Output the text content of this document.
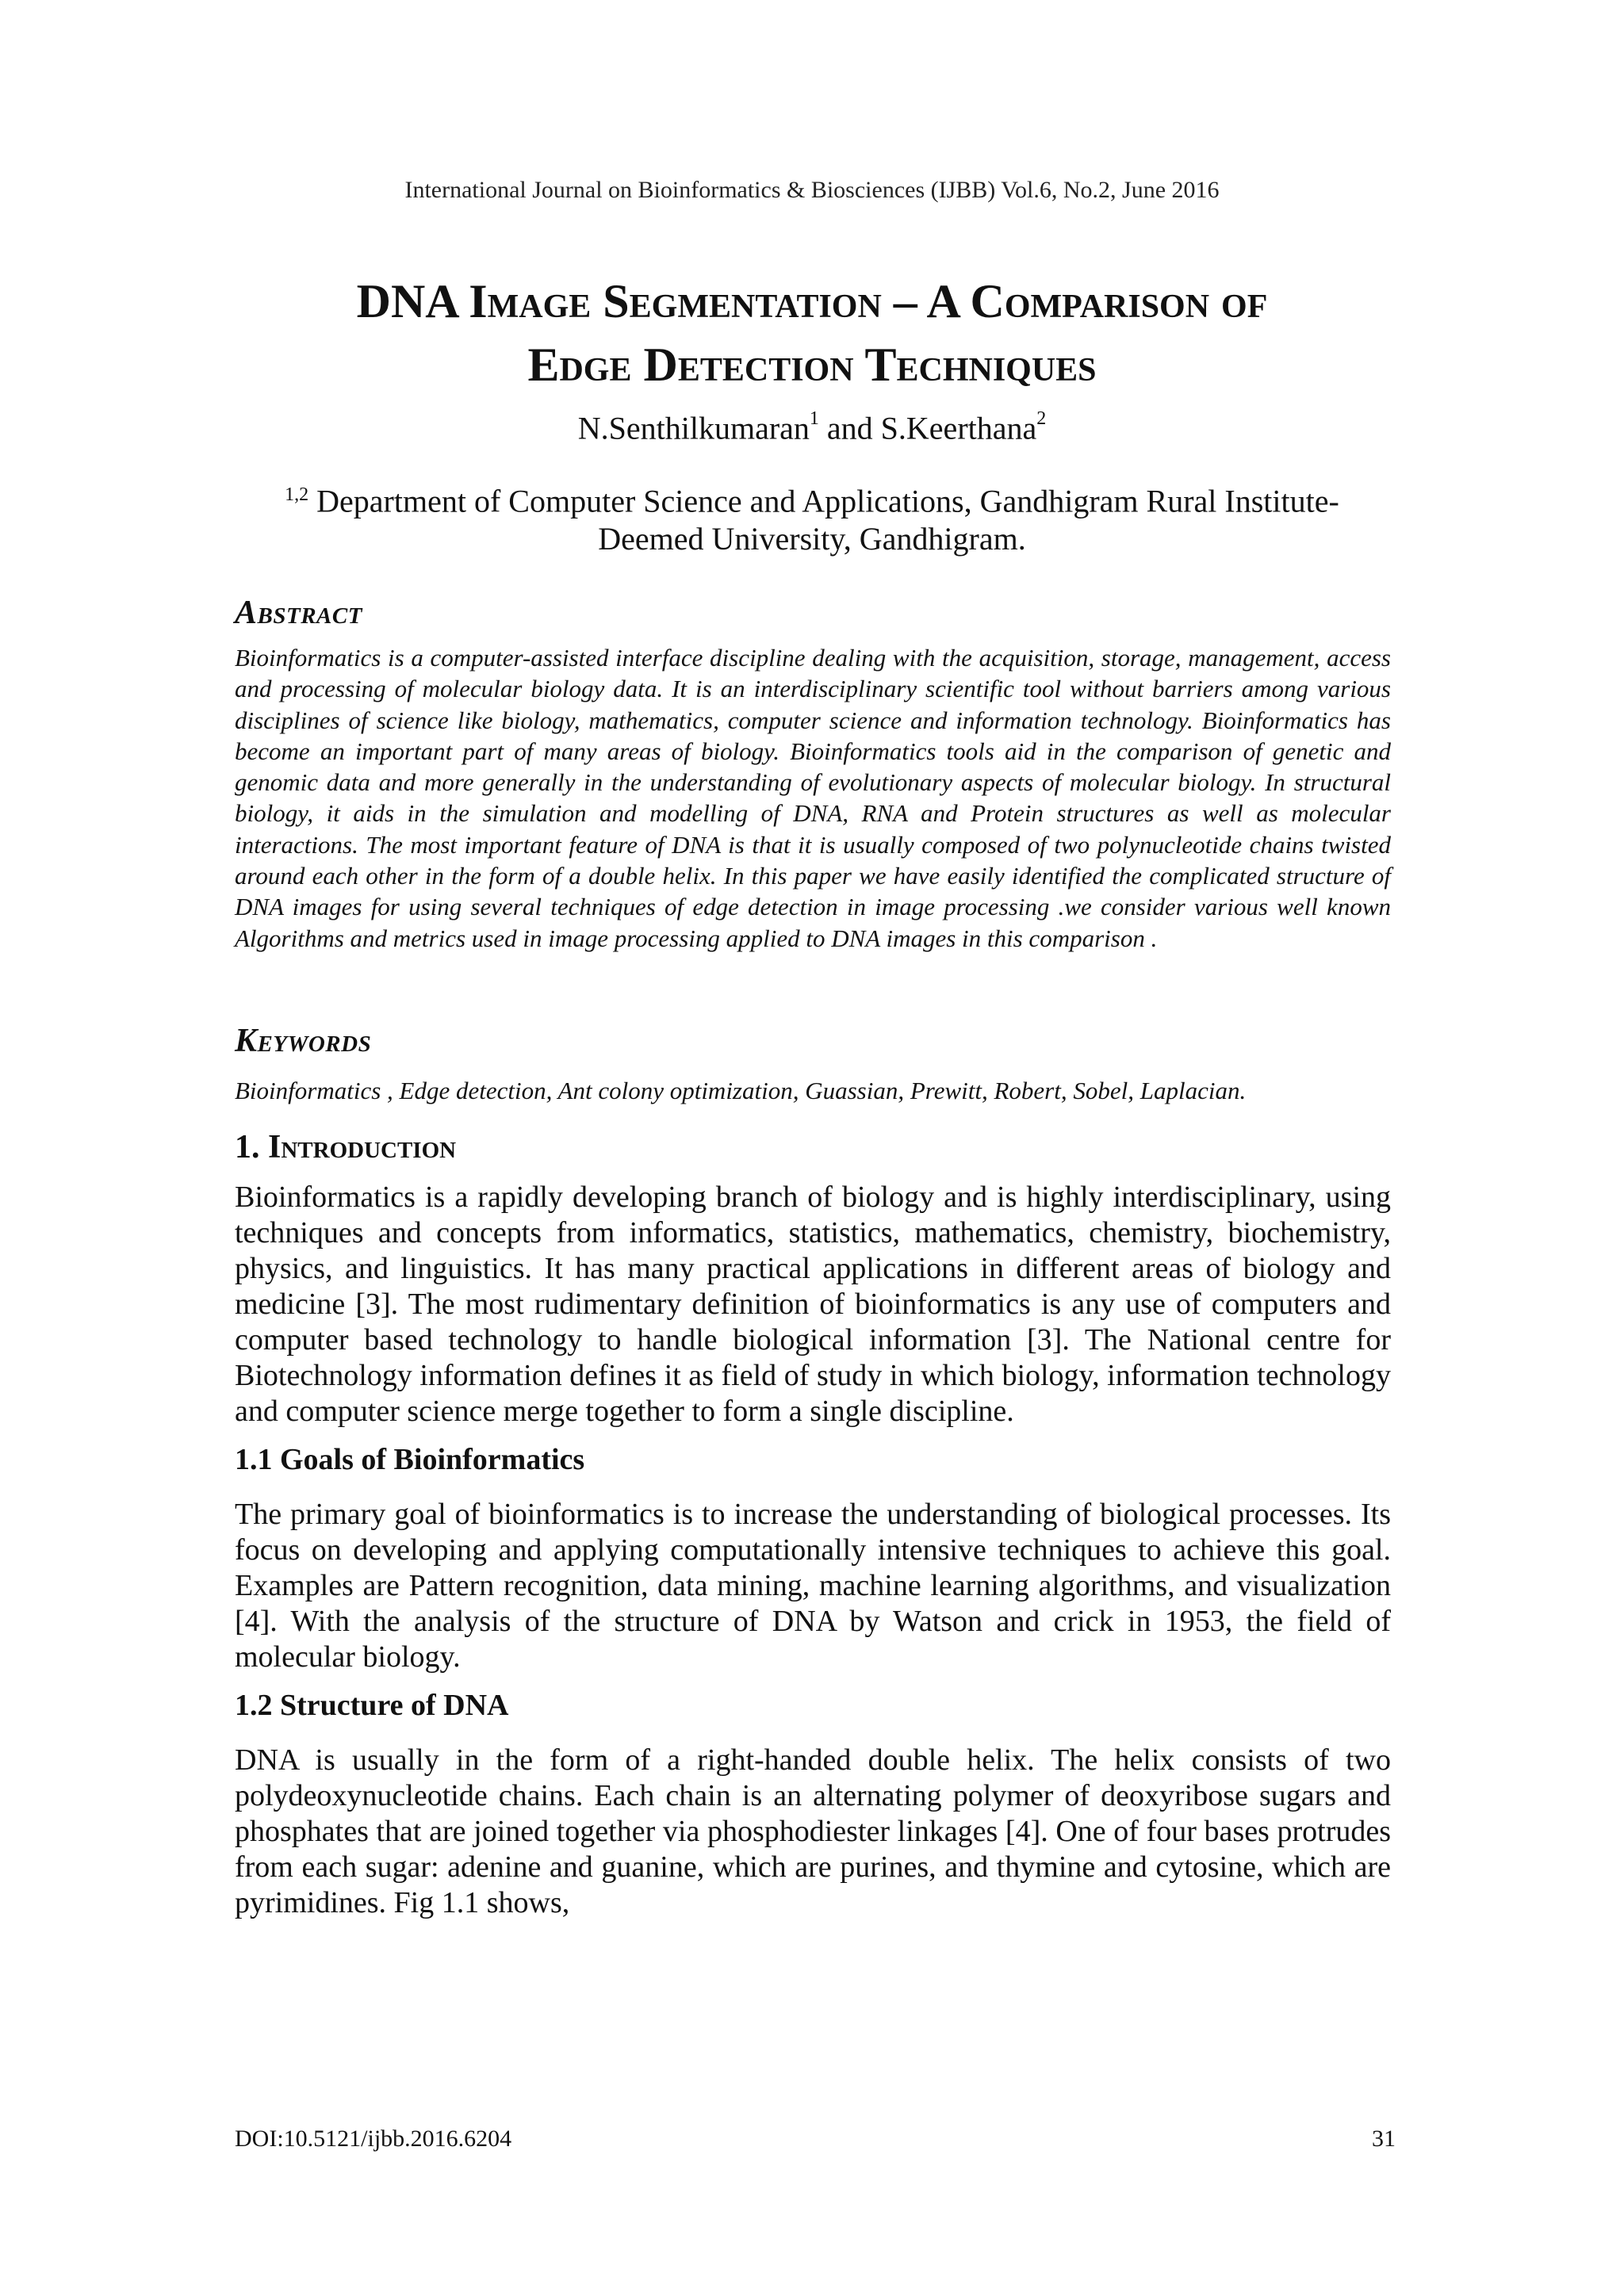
International Journal on Bioinformatics & Biosciences (IJBB) Vol.6, No.2, June 2016
DNA Image Segmentation – A Comparison of
Edge Detection Techniques
N.Senthilkumaran$^1$ and S.Keerthana$^2$
$^{1,2}$ Department of Computer Science and Applications, Gandhigram Rural Institute-Deemed University, Gandhigram.
Abstract
Bioinformatics is a computer-assisted interface discipline dealing with the acquisition, storage, management, access and processing of molecular biology data. It is an interdisciplinary scientific tool without barriers among various disciplines of science like biology, mathematics, computer science and information technology. Bioinformatics has become an important part of many areas of biology. Bioinformatics tools aid in the comparison of genetic and genomic data and more generally in the understanding of evolutionary aspects of molecular biology. In structural biology, it aids in the simulation and modelling of DNA, RNA and Protein structures as well as molecular interactions. The most important feature of DNA is that it is usually composed of two polynucleotide chains twisted around each other in the form of a double helix. In this paper we have easily identified the complicated structure of DNA images for using several techniques of edge detection in image processing .we consider various well known Algorithms and metrics used in image processing applied to DNA images in this comparison .
Keywords
Bioinformatics , Edge detection, Ant colony optimization, Guassian, Prewitt, Robert, Sobel, Laplacian.
1. Introduction
Bioinformatics is a rapidly developing branch of biology and is highly interdisciplinary, using techniques and concepts from informatics, statistics, mathematics, chemistry, biochemistry, physics, and linguistics. It has many practical applications in different areas of biology and medicine [3]. The most rudimentary definition of bioinformatics is any use of computers and computer based technology to handle biological information [3]. The National centre for Biotechnology information defines it as field of study in which biology, information technology and computer science merge together to form a single discipline.
1.1 Goals of Bioinformatics
The primary goal of bioinformatics is to increase the understanding of biological processes. Its focus on developing and applying computationally intensive techniques to achieve this goal. Examples are Pattern recognition, data mining, machine learning algorithms, and visualization [4]. With the analysis of the structure of DNA by Watson and crick in 1953, the field of molecular biology.
1.2 Structure of DNA
DNA is usually in the form of a right-handed double helix. The helix consists of two polydeoxynucleotide chains. Each chain is an alternating polymer of deoxyribose sugars and phosphates that are joined together via phosphodiester linkages [4]. One of four bases protrudes from each sugar: adenine and guanine, which are purines, and thymine and cytosine, which are pyrimidines. Fig 1.1 shows,
DOI:10.5121/ijbb.2016.6204	31
